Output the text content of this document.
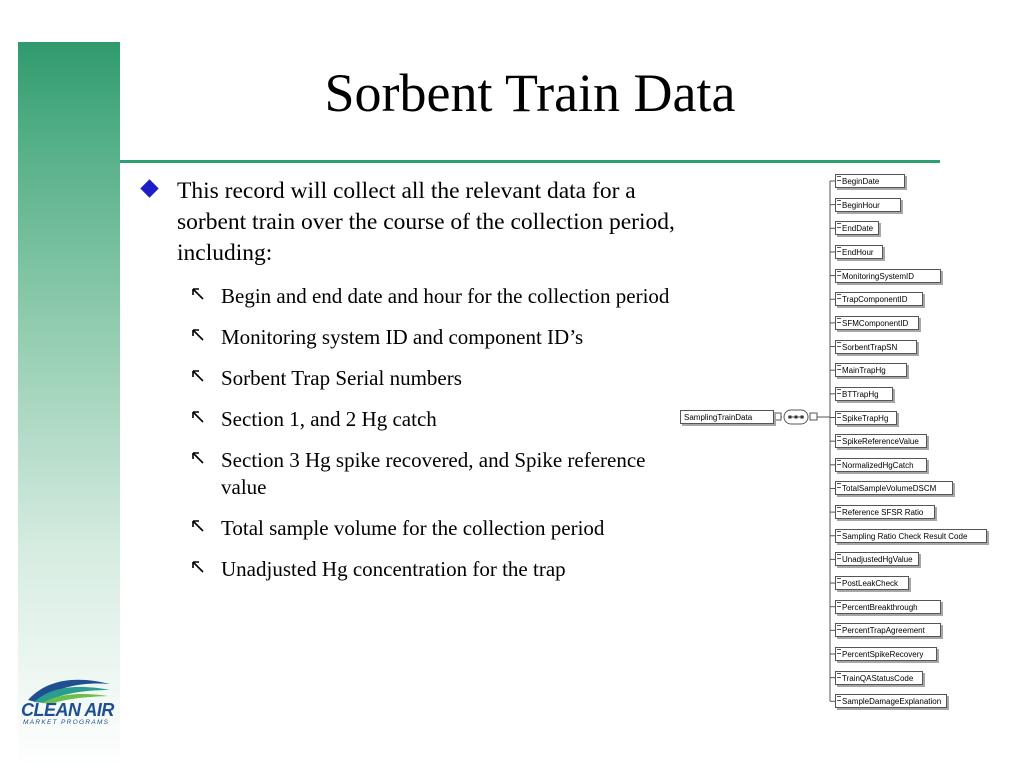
Sorbent Train Data
This record will collect all the relevant data for a sorbent train over the course of the collection period, including:
Begin and end date and hour for the collection period
Monitoring system ID and component ID’s
Sorbent Trap Serial numbers
Section 1, and 2 Hg catch
Section 3 Hg spike recovered, and Spike reference value
Total sample volume for the collection period
Unadjusted Hg concentration for the trap
CLEAN AIR
MARKET PROGRAMS
SamplingTrainData
BeginDate
BeginHour
EndDate
EndHour
MonitoringSystemID
TrapComponentID
SFMComponentID
SorbentTrapSN
MainTrapHg
BTTrapHg
SpikeTrapHg
SpikeReferenceValue
NormalizedHgCatch
TotalSampleVolumeDSCM
Reference SFSR Ratio
Sampling Ratio Check Result Code
UnadjustedHgValue
PostLeakCheck
PercentBreakthrough
PercentTrapAgreement
PercentSpikeRecovery
TrainQAStatusCode
SampleDamageExplanation
